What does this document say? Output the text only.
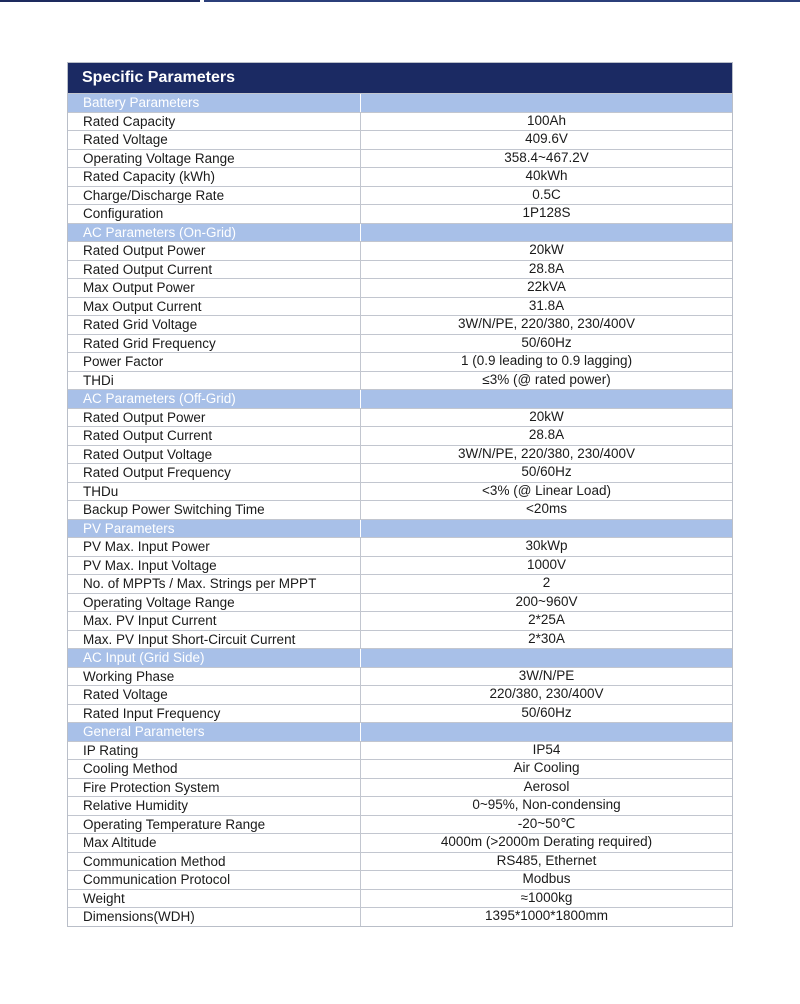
Specific Parameters
Battery Parameters
Rated Capacity	100Ah
Rated Voltage	409.6V
Operating Voltage Range	358.4~467.2V
Rated Capacity (kWh)	40kWh
Charge/Discharge Rate	0.5C
Configuration	1P128S
AC Parameters (On-Grid)
Rated Output Power	20kW
Rated Output Current	28.8A
Max Output Power	22kVA
Max Output Current	31.8A
Rated Grid Voltage	3W/N/PE, 220/380, 230/400V
Rated Grid Frequency	50/60Hz
Power Factor	1 (0.9 leading to 0.9 lagging)
THDi	≤3% (@ rated power)
AC Parameters (Off-Grid)
Rated Output Power	20kW
Rated Output Current	28.8A
Rated Output Voltage	3W/N/PE, 220/380, 230/400V
Rated Output Frequency	50/60Hz
THDu	<3% (@ Linear Load)
Backup Power Switching Time	<20ms
PV Parameters
PV Max. Input Power	30kWp
PV Max. Input Voltage	1000V
No. of MPPTs / Max. Strings per MPPT	2
Operating Voltage Range	200~960V
Max. PV Input Current	2*25A
Max. PV Input Short-Circuit Current	2*30A
AC Input (Grid Side)
Working Phase	3W/N/PE
Rated Voltage	220/380, 230/400V
Rated Input Frequency	50/60Hz
General Parameters
IP Rating	IP54
Cooling Method	Air Cooling
Fire Protection System	Aerosol
Relative Humidity	0~95%, Non-condensing
Operating Temperature Range	-20~50℃
Max Altitude	4000m (>2000m Derating required)
Communication Method	RS485, Ethernet
Communication Protocol	Modbus
Weight	≈1000kg
Dimensions(WDH)	1395*1000*1800mm
